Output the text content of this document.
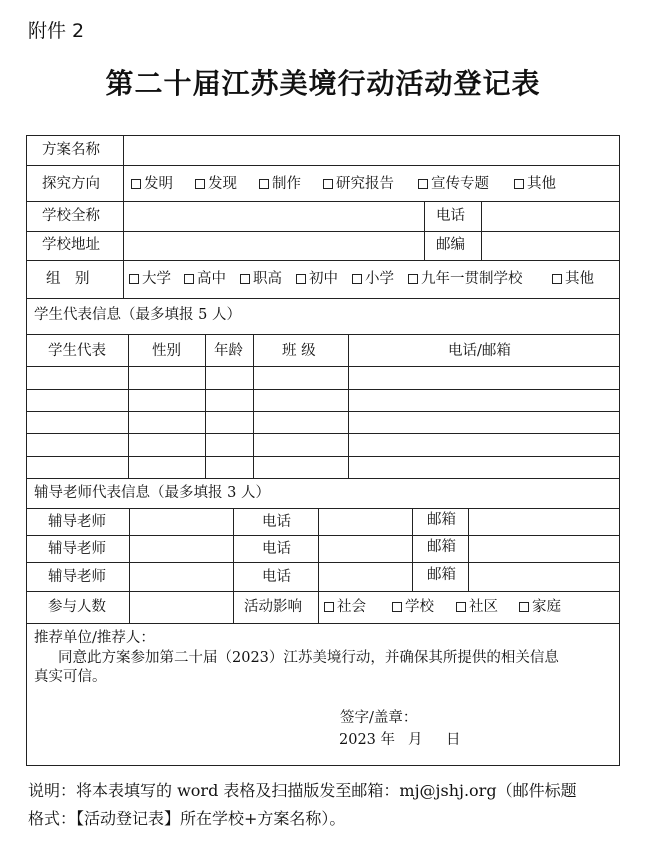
附件 2
第二十届江苏美境行动活动登记表
方案名称
探究方向	发明 发现 制作 研究报告	宣传专题	其他
学校全称	电话
学校地址	邮编
组　别	大学 高中 职高 初中 小学 九年一贯制学校	其他
学生代表信息（最多填报 5 人）
学生代表	性别 年龄	班 级	电话/邮箱
辅导老师代表信息（最多填报 3 人）
辅导老师	电话	邮箱
辅导老师	电话	邮箱
辅导老师	电话	邮箱
参与人数	活动影响 社会	学校 社区 家庭
推荐单位/推荐人：
同意此方案参加第二十届（2023）江苏美境行动，并确保其所提供的相关信息
真实可信。
签字/盖章：
2023 年 月 日
说明：将本表填写的 word 表格及扫描版发至邮箱：mj@jshj.org（邮件标题
格式：【活动登记表】所在学校+方案名称）。
